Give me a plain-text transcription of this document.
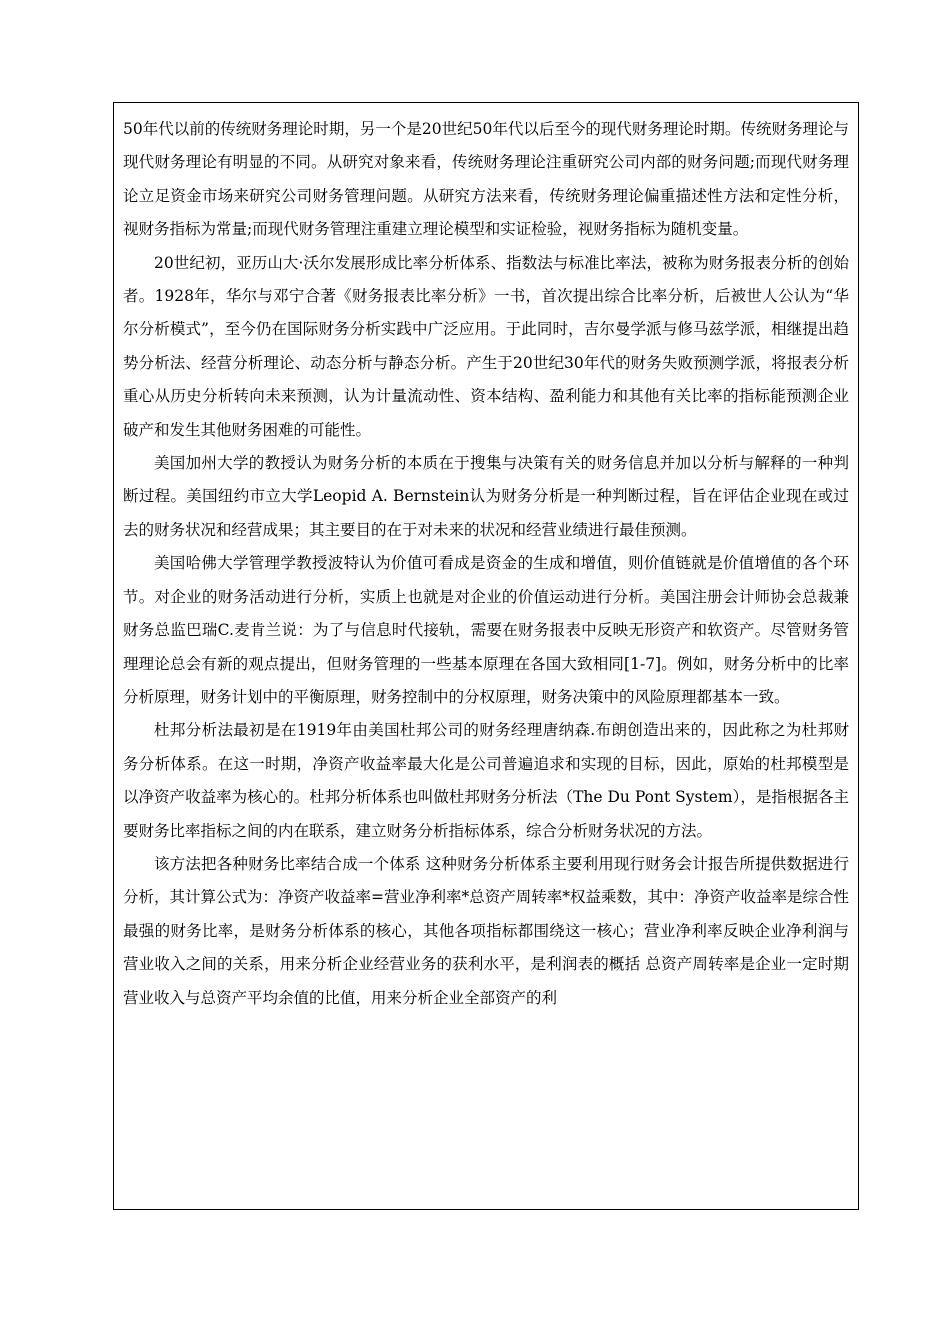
50年代以前的传统财务理论时期，另一个是20世纪50年代以后至今的现代财务理论时期。传统财务理论与现代财务理论有明显的不同。从研究对象来看，传统财务理论注重研究公司内部的财务问题;而现代财务理论立足资金市场来研究公司财务管理问题。从研究方法来看，传统财务理论偏重描述性方法和定性分析，视财务指标为常量;而现代财务管理注重建立理论模型和实证检验，视财务指标为随机变量。

20世纪初，亚历山大·沃尔发展形成比率分析体系、指数法与标准比率法，被称为财务报表分析的创始者。1928年，华尔与邓宁合著《财务报表比率分析》一书，首次提出综合比率分析，后被世人公认为“华尔分析模式”，至今仍在国际财务分析实践中广泛应用。于此同时，吉尔曼学派与修马兹学派，相继提出趋势分析法、经营分析理论、动态分析与静态分析。产生于20世纪30年代的财务失败预测学派，将报表分析重心从历史分析转向未来预测，认为计量流动性、资本结构、盈利能力和其他有关比率的指标能预测企业破产和发生其他财务困难的可能性。

美国加州大学的教授认为财务分析的本质在于搜集与决策有关的财务信息并加以分析与解释的一种判断过程。美国纽约市立大学Leopid A. Bernstein认为财务分析是一种判断过程，旨在评估企业现在或过去的财务状况和经营成果；其主要目的在于对未来的状况和经营业绩进行最佳预测。

美国哈佛大学管理学教授波特认为价值可看成是资金的生成和增值，则价值链就是价值增值的各个环节。对企业的财务活动进行分析，实质上也就是对企业的价值运动进行分析。美国注册会计师协会总裁兼财务总监巴瑞C.麦肯兰说：为了与信息时代接轨，需要在财务报表中反映无形资产和软资产。尽管财务管理理论总会有新的观点提出，但财务管理的一些基本原理在各国大致相同[1-7]。例如，财务分析中的比率分析原理，财务计划中的平衡原理，财务控制中的分权原理，财务决策中的风险原理都基本一致。

杜邦分析法最初是在1919年由美国杜邦公司的财务经理唐纳森.布朗创造出来的，因此称之为杜邦财务分析体系。在这一时期，净资产收益率最大化是公司普遍追求和实现的目标，因此，原始的杜邦模型是以净资产收益率为核心的。杜邦分析体系也叫做杜邦财务分析法（The Du Pont System），是指根据各主要财务比率指标之间的内在联系，建立财务分析指标体系，综合分析财务状况的方法。

该方法把各种财务比率结合成一个体系 这种财务分析体系主要利用现行财务会计报告所提供数据进行分析，其计算公式为：净资产收益率=营业净利率*总资产周转率*权益乘数，其中：净资产收益率是综合性最强的财务比率，是财务分析体系的核心，其他各项指标都围绕这一核心；营业净利率反映企业净利润与营业收入之间的关系，用来分析企业经营业务的获利水平，是利润表的概括 总资产周转率是企业一定时期营业收入与总资产平均余值的比值，用来分析企业全部资产的利
